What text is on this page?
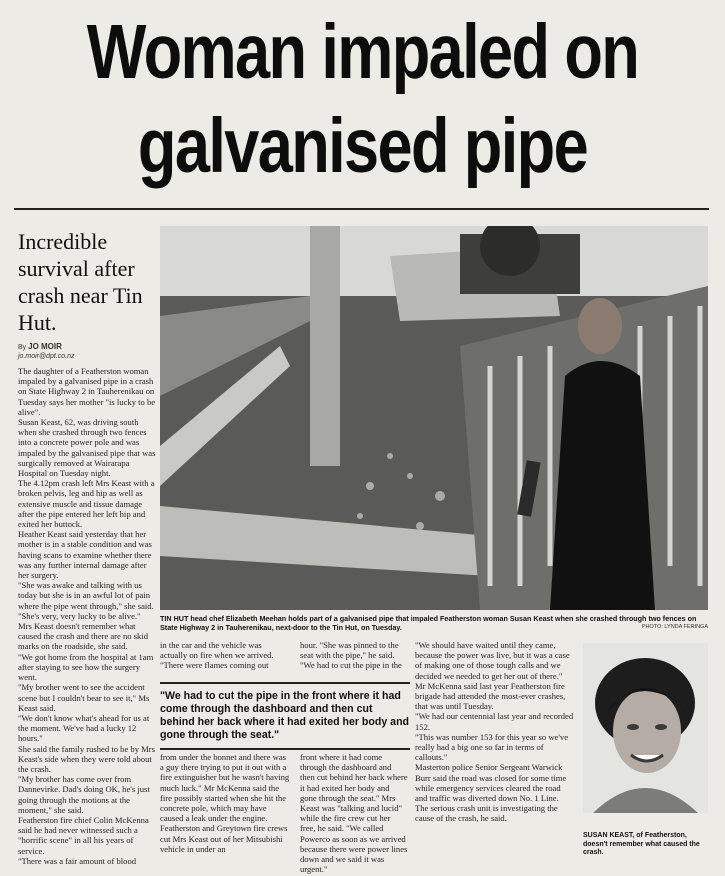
Woman impaled on
galvanised pipe
Incredible survival after crash near Tin Hut.
By JO MOIR
jo.moir@dpt.co.nz

The daughter of a Featherston woman impaled by a galvanised pipe in a crash on State Highway 2 in Tauherenikau on Tuesday says her mother "is lucky to be alive".

Susan Keast, 62, was driving south when she crashed through two fences into a concrete power pole and was impaled by the galvanised pipe that was surgically removed at Wairarapa Hospital on Tuesday night.

The 4.12pm crash left Mrs Keast with a broken pelvis, leg and hip as well as extensive muscle and tissue damage after the pipe entered her left hip and exited her buttock.

Heather Keast said yesterday that her mother is in a stable condition and was having scans to examine whether there was any further internal damage after her surgery.

"She was awake and talking with us today but she is in an awful lot of pain where the pipe went through," she said.

"She's very, very lucky to be alive."

Mrs Keast doesn't remember what caused the crash and there are no skid marks on the roadside, she said.

"We got home from the hospital at 1am after staying to see how the surgery went.

"My brother went to see the accident scene but I couldn't bear to see it," Ms Keast said.

"We don't know what's ahead for us at the moment. We've had a lucky 12 hours."

She said the family rushed to be by Mrs Keast's side when they were told about the crash.

"My brother has come over from Dannevirke. Dad's doing OK, he's just going through the motions at the moment," she said.

Featherston fire chief Colin McKenna said he had never witnessed such a "horrific scene" in all his years of service.

"There was a fair amount of blood

TIN HUT head chef Elizabeth Meehan holds part of a galvanised pipe that impaled Featherston woman Susan Keast when she crashed through two fences on State Highway 2 in Tauherenikau, next-door to the Tin Hut, on Tuesday.	PHOTO: LYNDA FERINGA
in the car and the vehicle was actually on fire when we arrived. "There were flames coming out
hour. "She was pinned to the seat with the pipe," he said. "We had to cut the pipe in the
"We had to cut the pipe in the front where it had come through the dashboard and then cut behind her back where it had exited her body and gone through the seat."
from under the bonnet and there was a guy there trying to put it out with a fire extinguisher but he wasn't having much luck." Mr McKenna said the fire possibly started when she hit the concrete pole, which may have caused a leak under the engine. Featherston and Greytown fire crews cut Mrs Keast out of her Mitsubishi vehicle in under an
front where it had come through the dashboard and then cut behind her back where it had exited her body and gone through the seat." Mrs Keast was "talking and lucid" while the fire crew cut her free, he said. "We called Powerco as soon as we arrived because there were power lines down and we said it was urgent."

"We should have waited until they came, because the power was live, but it was a case of making one of those tough calls and we decided we needed to get her out of there."

Mr McKenna said last year Featherston fire brigade had attended the most-ever crashes, that was until Tuesday.

"We had our centennial last year and recorded 152.

"This was number 153 for this year so we've really had a big one so far in terms of callouts."

Masterton police Senior Sergeant Warwick Burr said the road was closed for some time while emergency services cleared the road and traffic was diverted down No. 1 Line.

The serious crash unit is investigating the cause of the crash, he said.

SUSAN KEAST, of Featherston, doesn't remember what caused the crash.
